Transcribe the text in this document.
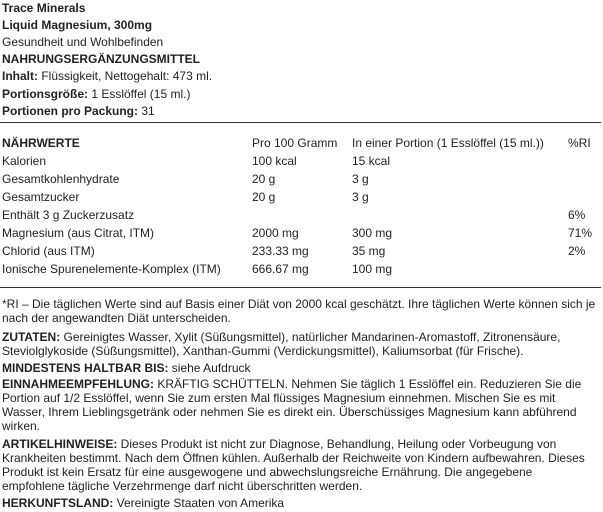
Trace Minerals
Liquid Magnesium, 300mg
Gesundheit und Wohlbefinden
NAHRUNGSERGÄNZUNGSMITTEL
Inhalt: Flüssigkeit, Nettogehalt: 473 ml.
Portionsgröße: 1 Esslöffel (15 ml.)
Portionen pro Packung: 31
NÄHRWERTE	Pro 100 Gramm	In einer Portion (1 Esslöffel (15 ml.))	%RI
Kalorien	100 kcal	15 kcal	
Gesamtkohlenhydrate	20 g	3 g	
Gesamtzucker	20 g	3 g	
Enthält 3 g Zuckerzusatz			6%
Magnesium (aus Citrat, ITM)	2000 mg	300 mg	71%
Chlorid (aus ITM)	233.33 mg	35 mg	2%
Ionische Spurenelemente-Komplex (ITM)	666.67 mg	100 mg	
*RI – Die täglichen Werte sind auf Basis einer Diät von 2000 kcal geschätzt. Ihre täglichen Werte können sich je nach der angewandten Diät unterscheiden.
ZUTATEN: Gereinigtes Wasser, Xylit (Süßungsmittel), natürlicher Mandarinen-Aromastoff, Zitronensäure, Steviolglykoside (Süßungsmittel), Xanthan-Gummi (Verdickungsmittel), Kaliumsorbat (für Frische).
MINDESTENS HALTBAR BIS: siehe Aufdruck
EINNAHMEEMPFEHLUNG: KRÄFTIG SCHÜTTELN. Nehmen Sie täglich 1 Esslöffel ein. Reduzieren Sie die Portion auf 1/2 Esslöffel, wenn Sie zum ersten Mal flüssiges Magnesium einnehmen. Mischen Sie es mit Wasser, Ihrem Lieblingsgetränk oder nehmen Sie es direkt ein. Überschüssiges Magnesium kann abführend wirken.
ARTIKELHINWEISE: Dieses Produkt ist nicht zur Diagnose, Behandlung, Heilung oder Vorbeugung von Krankheiten bestimmt. Nach dem Öffnen kühlen. Außerhalb der Reichweite von Kindern aufbewahren. Dieses Produkt ist kein Ersatz für eine ausgewogene und abwechslungsreiche Ernährung. Die angegebene empfohlene tägliche Verzehrmenge darf nicht überschritten werden.
HERKUNFTSLAND: Vereinigte Staaten von Amerika
